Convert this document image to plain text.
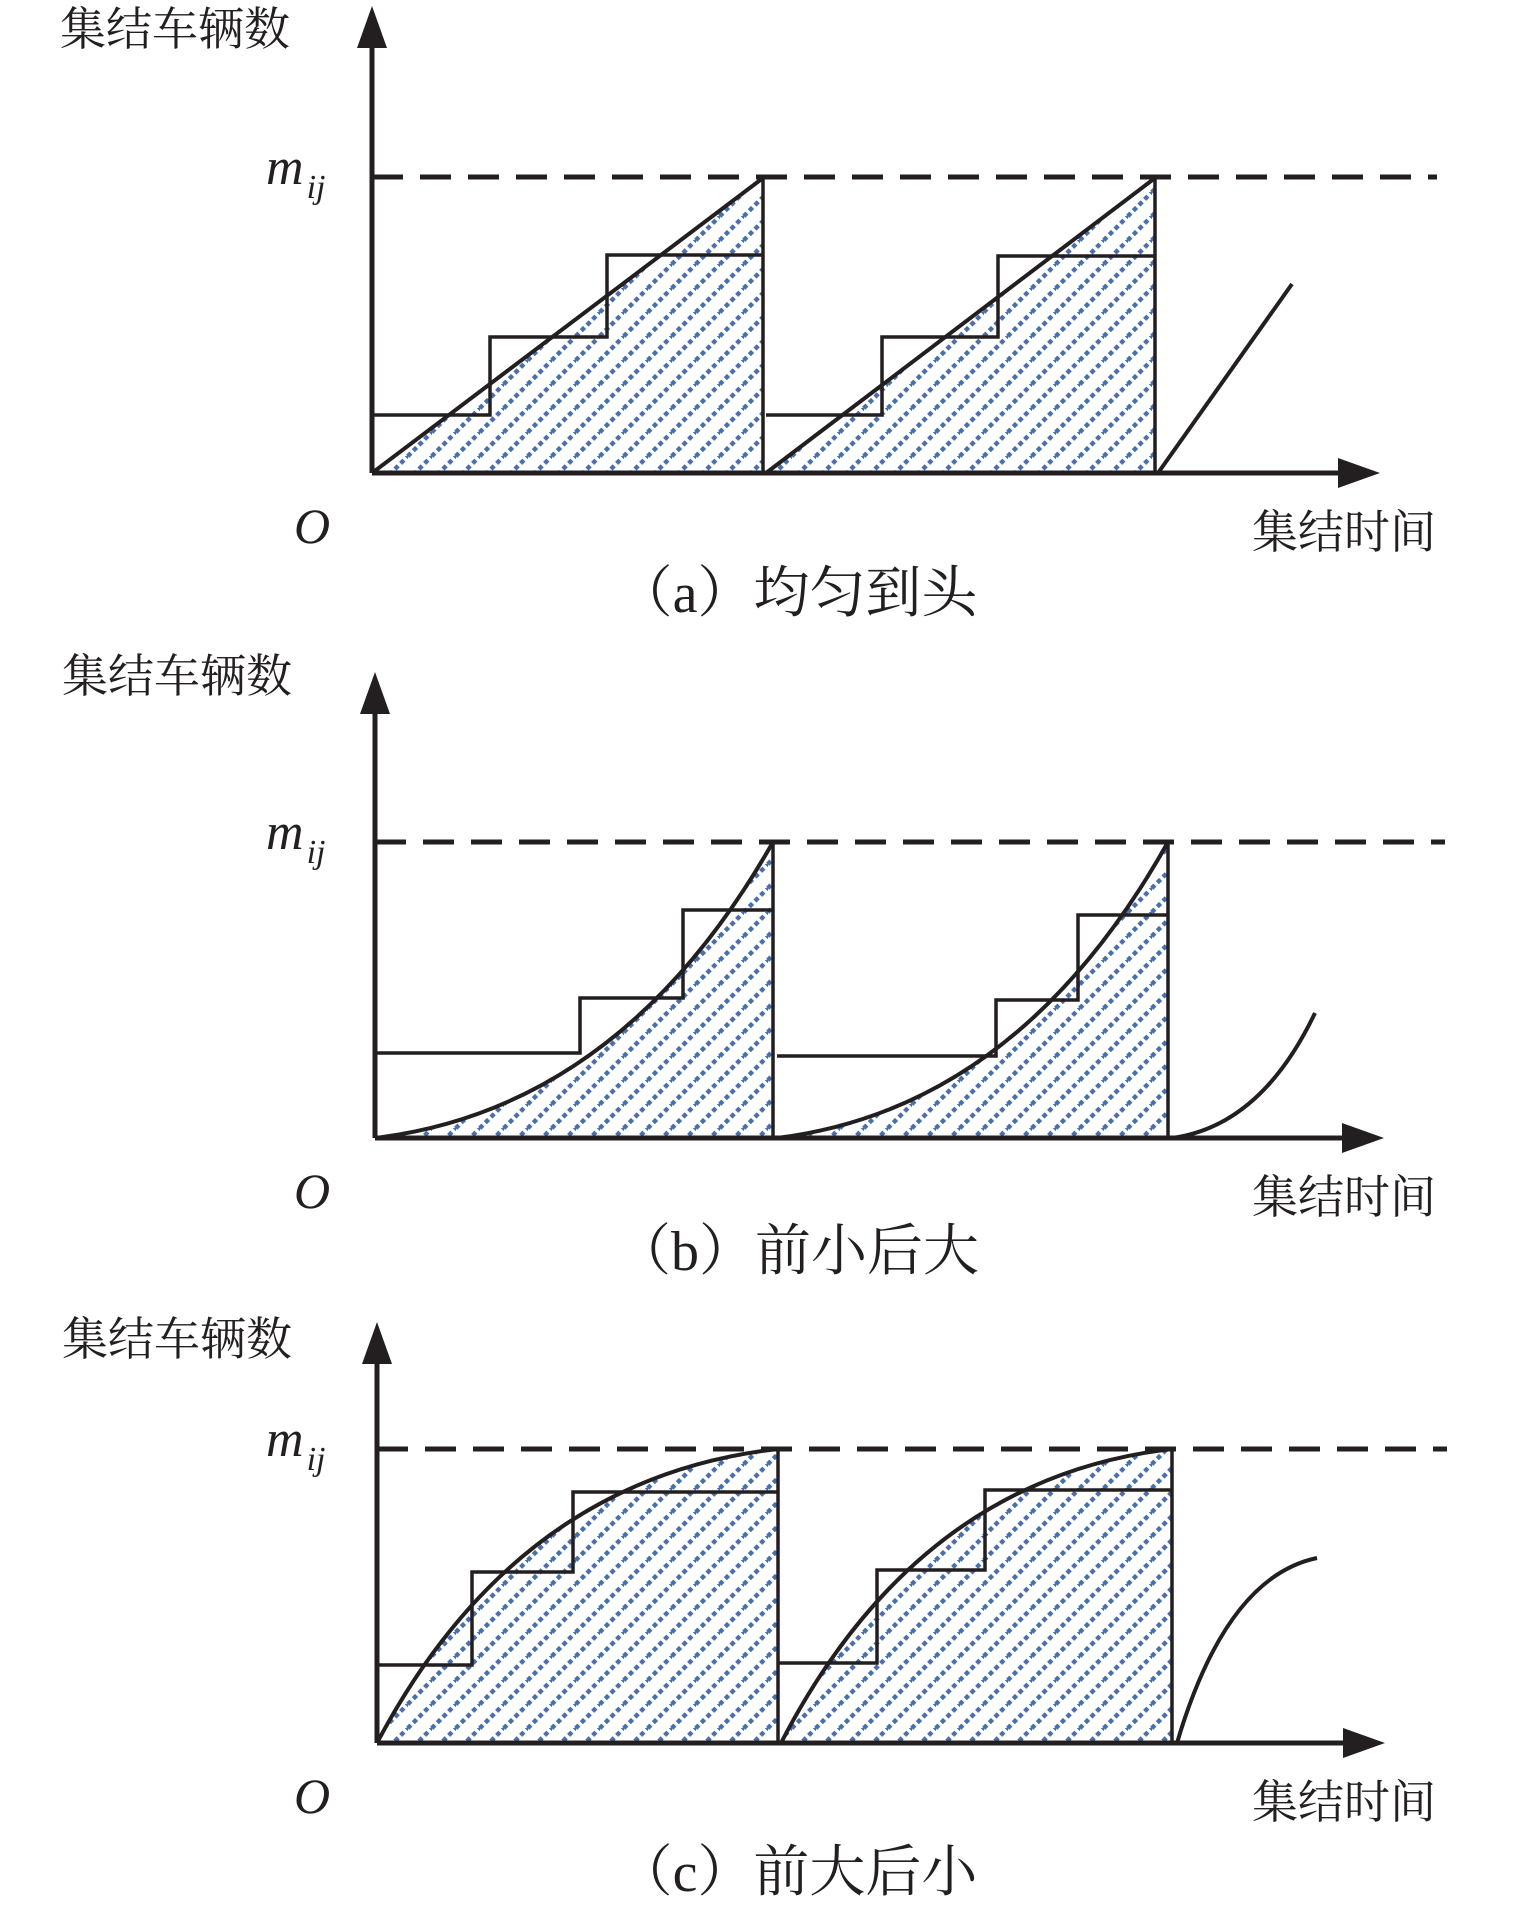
集结车辆数
$m_{ij}$
O	集结时间
（a）均匀到头
集结车辆数
$m_{ij}$
O	集结时间
（b）前小后大
集结车辆数
$m_{ij}$
O	集结时间
（c）前大后小
